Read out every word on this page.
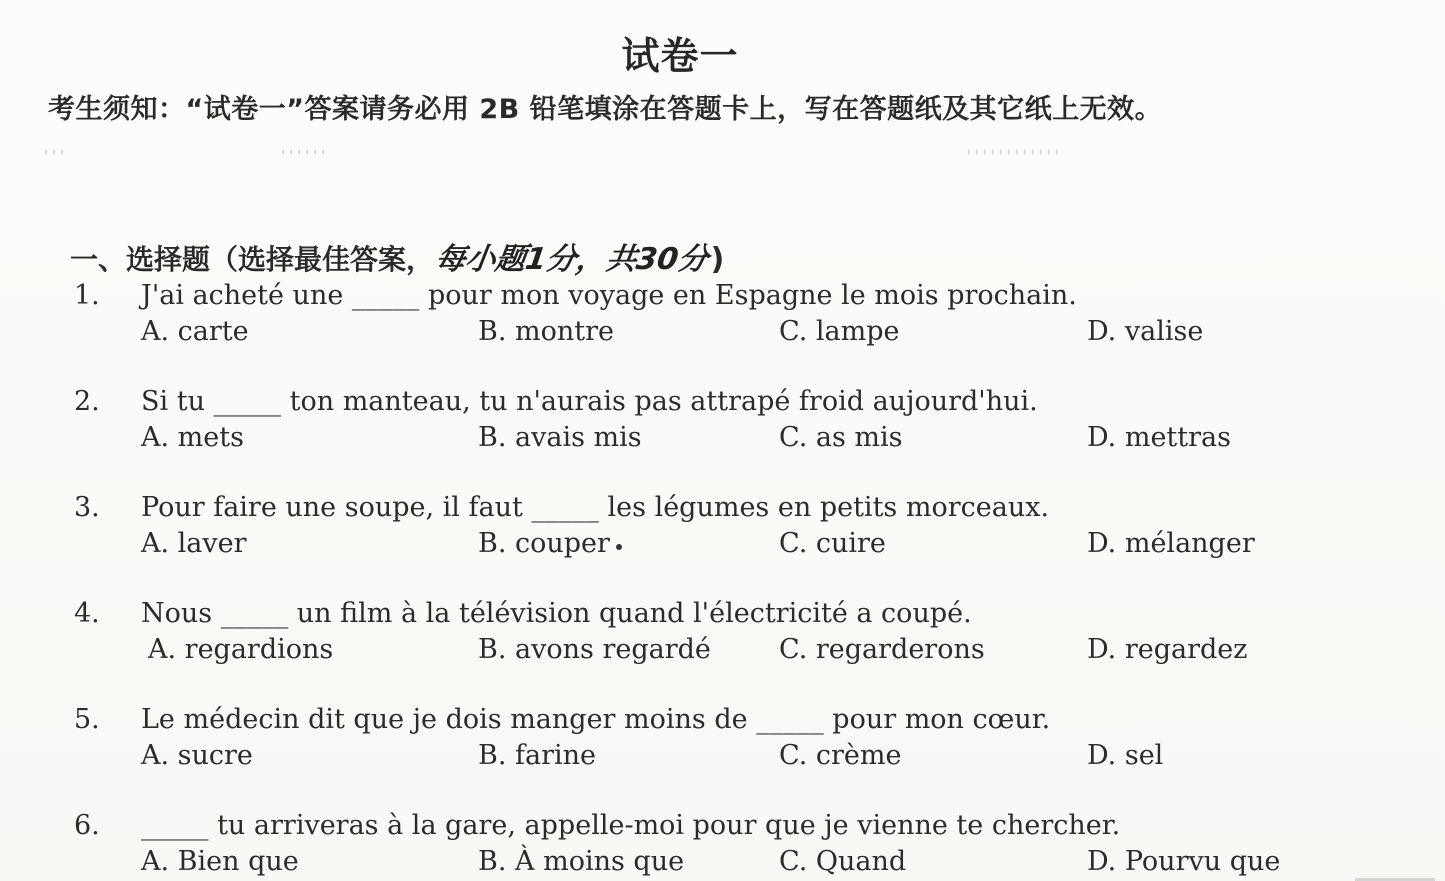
试卷一
考生须知：“试卷一”答案请务必用 2B 铅笔填涂在答题卡上，写在答题纸及其它纸上无效。
一、选择题（选择最佳答案， 每小题1分，共30分 )
1. J'ai acheté une _____ pour mon voyage en Espagne le mois prochain.
A. carte	B. montre	C. lampe	D. valise
2. Si tu _____ ton manteau, tu n'aurais pas attrapé froid aujourd'hui.
A. mets	B. avais mis	C. as mis	D. mettras
3. Pour faire une soupe, il faut _____ les légumes en petits morceaux.
A. laver	B. couper	C. cuire	D. mélanger
4. Nous _____ un film à la télévision quand l'électricité a coupé.
A. regardions	B. avons regardé	C. regarderons	D. regardez
5. Le médecin dit que je dois manger moins de _____ pour mon cœur.
A. sucre	B. farine	C. crème	D. sel
6. _____ tu arriveras à la gare, appelle-moi pour que je vienne te chercher.
A. Bien que	B. À moins que	C. Quand	D. Pourvu que
